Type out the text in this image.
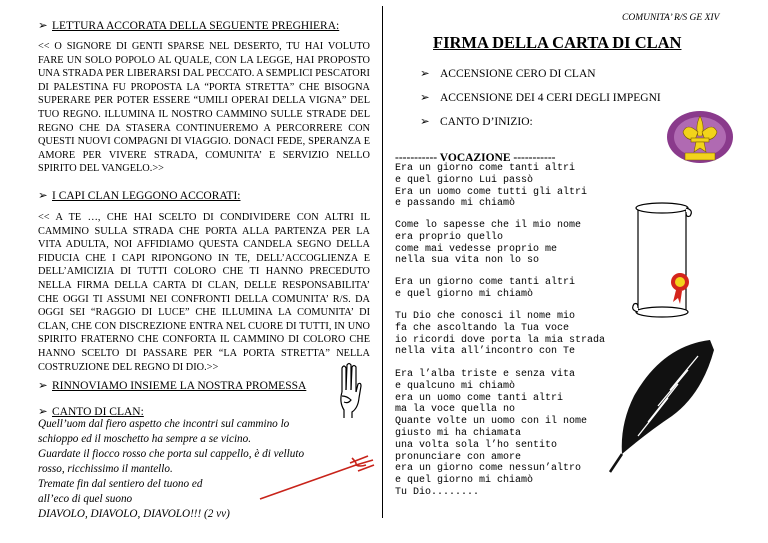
➢ LETTURA ACCORATA DELLA SEGUENTE PREGHIERA:
<< O SIGNORE DI GENTI SPARSE NEL DESERTO, TU HAI VOLUTO FARE UN SOLO POPOLO AL QUALE, CON LA LEGGE, HAI PROPOSTO UNA STRADA PER LIBERARSI DAL PECCATO. A SEMPLICI PESCATORI DI PALESTINA FU PROPOSTA LA “PORTA STRETTA” CHE BISOGNA SUPERARE PER POTER ESSERE “UMILI OPERAI DELLA VIGNA” DEL TUO REGNO. ILLUMINA IL NOSTRO CAMMINO SULLE STRADE DEL REGNO CHE DA STASERA CONTINUEREMO A PERCORRERE CON QUESTI NUOVI COMPAGNI DI VIAGGIO. DONACI FEDE, SPERANZA E AMORE PER VIVERE STRADA, COMUNITA’ E SERVIZIO NELLO SPIRITO DEL VANGELO.>>
➢ I CAPI CLAN LEGGONO ACCORATI:
<< A TE …, CHE HAI SCELTO DI CONDIVIDERE CON ALTRI IL CAMMINO SULLA STRADA CHE PORTA ALLA PARTENZA PER LA VITA ADULTA, NOI AFFIDIAMO QUESTA CANDELA SEGNO DELLA FIDUCIA CHE I CAPI RIPONGONO IN TE, DELL’ACCOGLIENZA E DELL’AMICIZIA DI TUTTI COLORO CHE TI HANNO PRECEDUTO NELLA FIRMA DELLA CARTA DI CLAN, DELLE RESPONSABILITA’ CHE OGGI TI ASSUMI NEI CONFRONTI DELLA COMUNITA’ R/S. DA OGGI SEI “RAGGIO DI LUCE” CHE ILLUMINA LA COMUNITA’ DI CLAN, CHE CON DISCREZIONE ENTRA NEL CUORE DI TUTTI, IN UNO SPIRITO FRATERNO CHE CONFORTA IL CAMMINO DI COLORO CHE HANNO SCELTO DI PASSARE PER “LA PORTA STRETTA” NELLA COSTRUZIONE DEL REGNO DI DIO.>>
➢ RINNOVIAMO INSIEME LA NOSTRA PROMESSA
➢ CANTO DI CLAN:
Quell’uom dal fiero aspetto che incontri sul cammino lo
schioppo ed il moschetto ha sempre a se vicino.
Guardate il fiocco rosso che porta sul cappello, è di velluto
rosso, ricchissimo il mantello.
Tremate fin dal sentiero del tuono ed
all’eco di quel suono
DIAVOLO, DIAVOLO, DIAVOLO!!! (2 vv)
COMUNITA’ R/S GE XIV
FIRMA DELLA CARTA DI CLAN
➢ ACCENSIONE CERO DI CLAN
➢ ACCENSIONE DEI 4 CERI DEGLI IMPEGNI
➢ CANTO D’INIZIO:
----------- VOCAZIONE -----------
Era un giorno come tanti altri
e quel giorno Lui passò
Era un uomo come tutti gli altri
e passando mi chiamò
Come lo sapesse che il mio nome
era proprio quello
come mai vedesse proprio me
nella sua vita non lo so
Era un giorno come tanti altri
e quel giorno mi chiamò
Tu Dio che conosci il nome mio
fa che ascoltando la Tua voce
io ricordi dove porta la mia strada
nella vita all’incontro con Te
Era l’alba triste e senza vita
e qualcuno mi chiamò
era un uomo come tanti altri
ma la voce quella no
Quante volte un uomo con il nome
giusto mi ha chiamata
una volta sola l’ho sentito
pronunciare con amore
era un giorno come nessun’altro
e quel giorno mi chiamò
Tu Dio........
